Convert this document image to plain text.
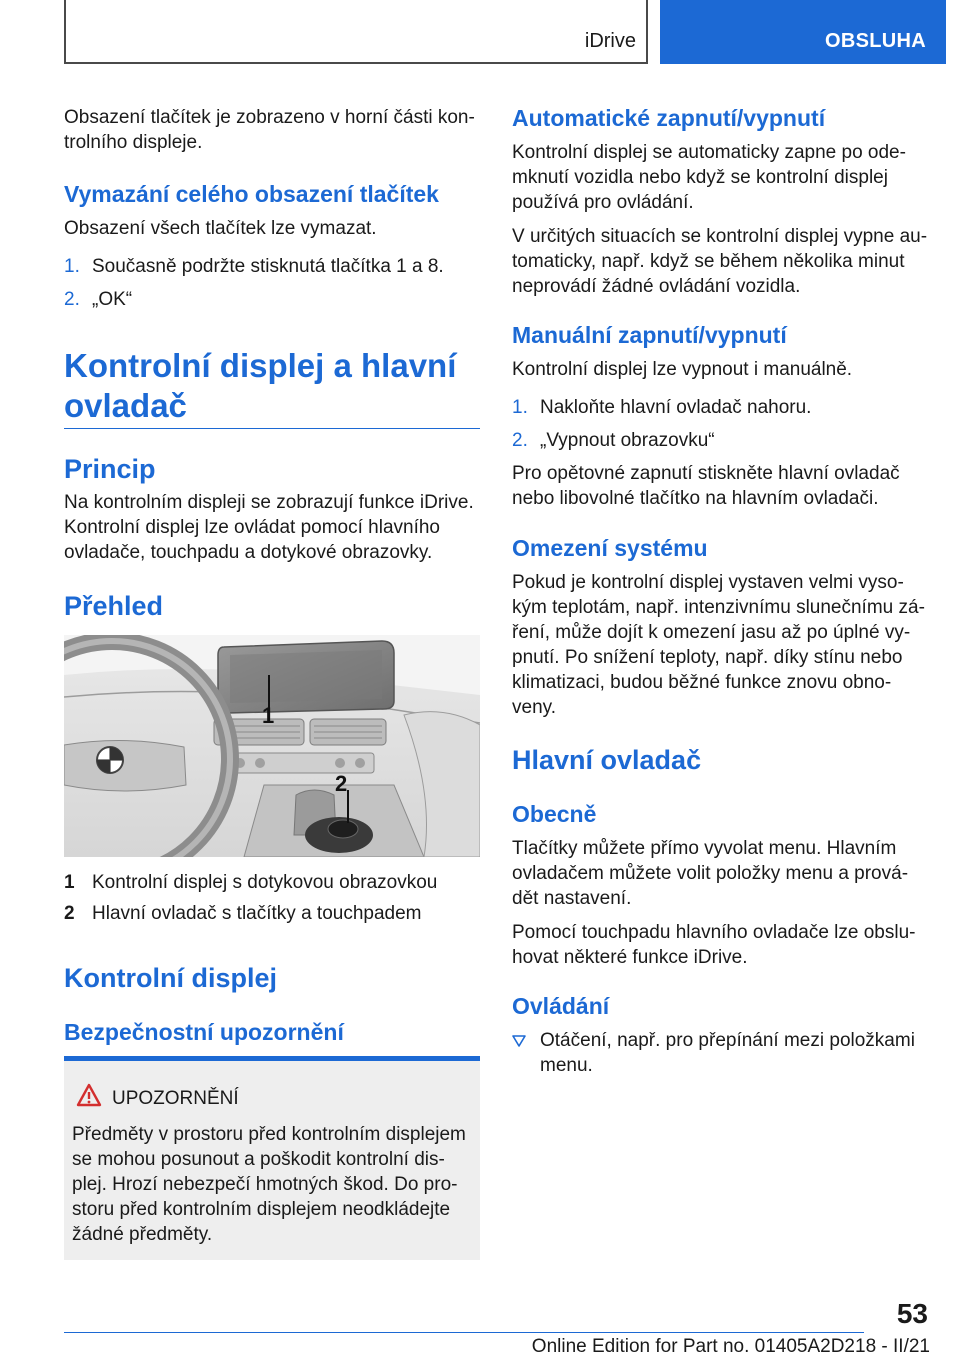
iDrive	OBSLUHA
Obsazení tlačítek je zobrazeno v horní části kon-
trolního displeje.
Vymazání celého obsazení tlačítek
Obsazení všech tlačítek lze vymazat.
1. Současně podržte stisknutá tlačítka 1 a 8.
2. „OK“
Kontrolní displej a hlavní
ovladač
Princip
Na kontrolním displeji se zobrazují funkce iDrive.
Kontrolní displej lze ovládat pomocí hlavního
ovladače, touchpadu a dotykové obrazovky.
Přehled
1
2
1 Kontrolní displej s dotykovou obrazovkou
2 Hlavní ovladač s tlačítky a touchpadem
Kontrolní displej
Bezpečnostní upozornění
UPOZORNĚNÍ
Předměty v prostoru před kontrolním displejem
se mohou posunout a poškodit kontrolní dis-
plej. Hrozí nebezpečí hmotných škod. Do pro-
storu před kontrolním displejem neodkládejte
žádné předměty.
Automatické zapnutí/vypnutí
Kontrolní displej se automaticky zapne po ode-
mknutí vozidla nebo když se kontrolní displej
používá pro ovládání.
V určitých situacích se kontrolní displej vypne au-
tomaticky, např. když se během několika minut
neprovádí žádné ovládání vozidla.
Manuální zapnutí/vypnutí
Kontrolní displej lze vypnout i manuálně.
1. Nakloňte hlavní ovladač nahoru.
2. „Vypnout obrazovku“
Pro opětovné zapnutí stiskněte hlavní ovladač
nebo libovolné tlačítko na hlavním ovladači.
Omezení systému
Pokud je kontrolní displej vystaven velmi vyso-
kým teplotám, např. intenzivnímu slunečnímu zá-
ření, může dojít k omezení jasu až po úplné vy-
pnutí. Po snížení teploty, např. díky stínu nebo
klimatizaci, budou běžné funkce znovu obno-
veny.
Hlavní ovladač
Obecně
Tlačítky můžete přímo vyvolat menu. Hlavním
ovladačem můžete volit položky menu a prová-
dět nastavení.
Pomocí touchpadu hlavního ovladače lze obslu-
hovat některé funkce iDrive.
Ovládání
Otáčení, např. pro přepínání mezi položkami
menu.
53
Online Edition for Part no. 01405A2D218 - II/21
